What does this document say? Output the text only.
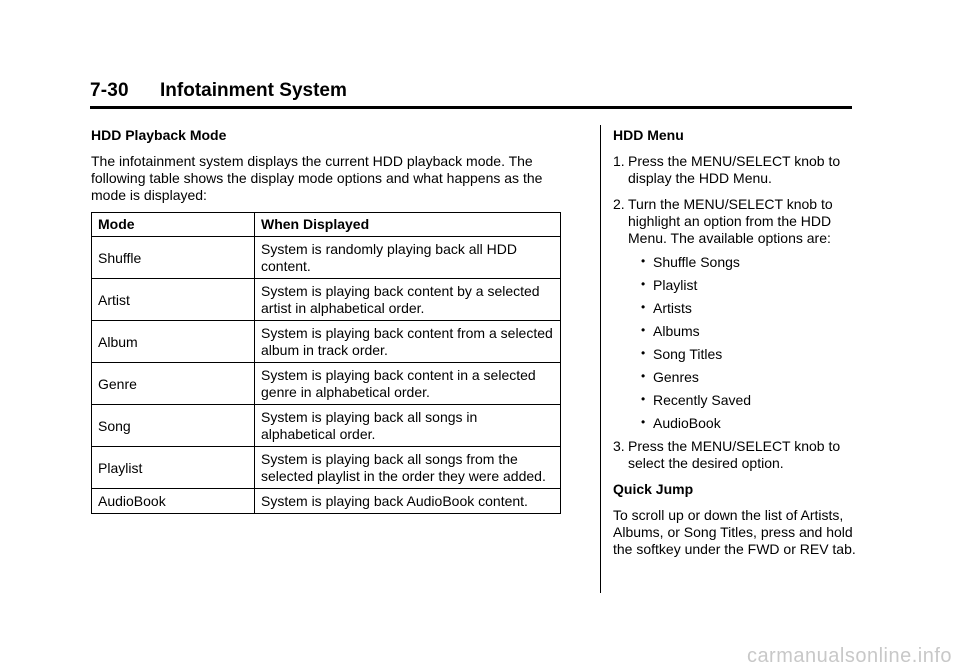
7-30 Infotainment System
HDD Playback Mode

The infotainment system displays the current HDD playback mode. The following table shows the display mode options and what happens as the mode is displayed:

Mode	When Displayed
Shuffle	System is randomly playing back all HDD content.
Artist	System is playing back content by a selected artist in alphabetical order.
Album	System is playing back content from a selected album in track order.
Genre	System is playing back content in a selected genre in alphabetical order.
Song	System is playing back all songs in alphabetical order.
Playlist	System is playing back all songs from the selected playlist in the order they were added.
AudioBook	System is playing back AudioBook content.
HDD Menu
1. Press the MENU/SELECT knob to display the HDD Menu.
2. Turn the MENU/SELECT knob to highlight an option from the HDD Menu. The available options are:
• Shuffle Songs
• Playlist
• Artists
• Albums
• Song Titles
• Genres
• Recently Saved
• AudioBook
3. Press the MENU/SELECT knob to select the desired option.
Quick Jump

To scroll up or down the list of Artists, Albums, or Song Titles, press and hold the softkey under the FWD or REV tab.

carmanualsonline.info
